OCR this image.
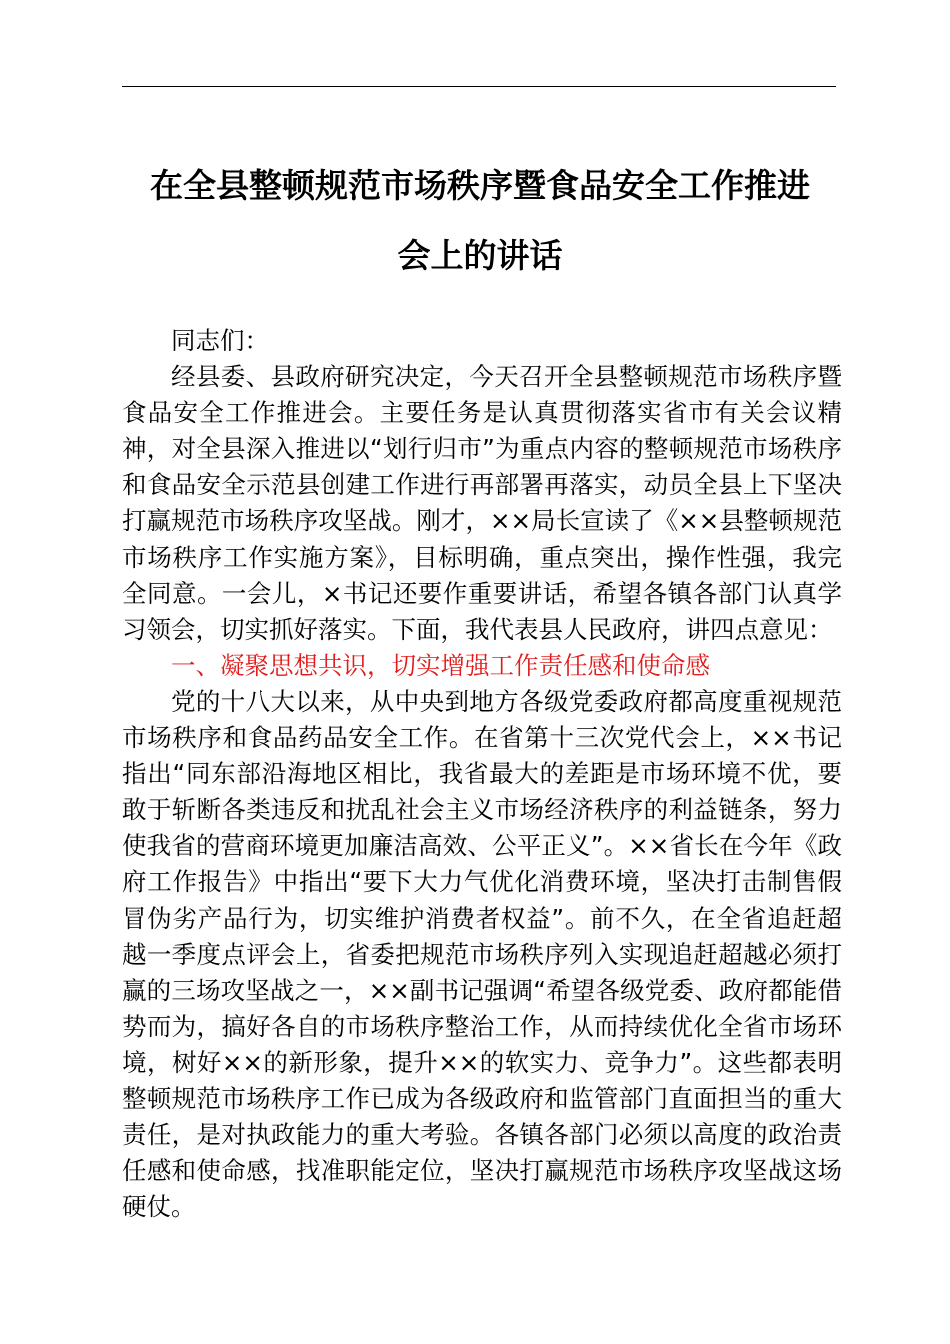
在全县整顿规范市场秩序暨食品安全工作推进
会上的讲话

同志们：

经县委、县政府研究决定，今天召开全县整顿规范市场秩序暨食品安全工作推进会。主要任务是认真贯彻落实省市有关会议精神，对全县深入推进以“划行归市”为重点内容的整顿规范市场秩序和食品安全示范县创建工作进行再部署再落实，动员全县上下坚决打赢规范市场秩序攻坚战。刚才，××局长宣读了《××县整顿规范市场秩序工作实施方案》，目标明确，重点突出，操作性强，我完全同意。一会儿，×书记还要作重要讲话，希望各镇各部门认真学习领会，切实抓好落实。下面，我代表县人民政府，讲四点意见：

一、凝聚思想共识，切实增强工作责任感和使命感

党的十八大以来，从中央到地方各级党委政府都高度重视规范市场秩序和食品药品安全工作。在省第十三次党代会上，××书记指出“同东部沿海地区相比，我省最大的差距是市场环境不优，要敢于斩断各类违反和扰乱社会主义市场经济秩序的利益链条，努力使我省的营商环境更加廉洁高效、公平正义”。××省长在今年《政府工作报告》中指出“要下大力气优化消费环境，坚决打击制售假冒伪劣产品行为，切实维护消费者权益”。前不久，在全省追赶超越一季度点评会上，省委把规范市场秩序列入实现追赶超越必须打赢的三场攻坚战之一，××副书记强调“希望各级党委、政府都能借势而为，搞好各自的市场秩序整治工作，从而持续优化全省市场环境，树好××的新形象，提升××的软实力、竞争力”。这些都表明整顿规范市场秩序工作已成为各级政府和监管部门直面担当的重大责任，是对执政能力的重大考验。各镇各部门必须以高度的政治责任感和使命感，找准职能定位，坚决打赢规范市场秩序攻坚战这场硬仗。
